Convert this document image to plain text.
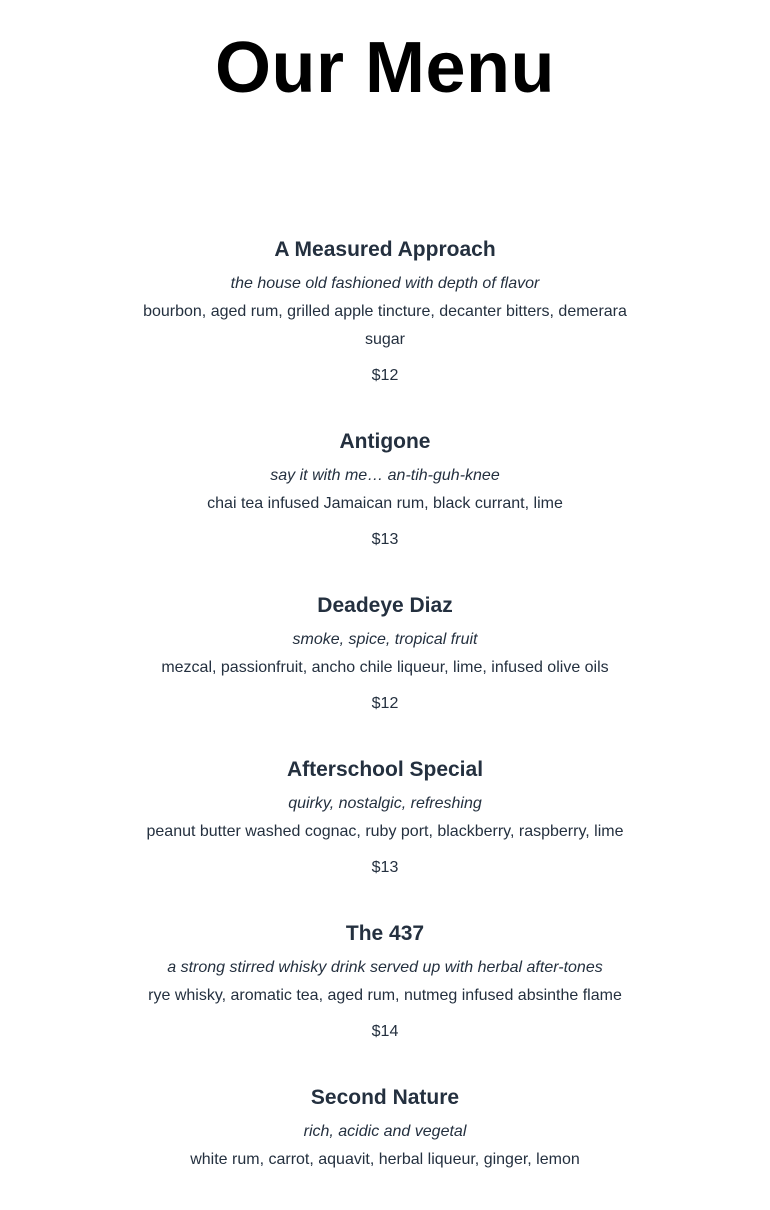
Our Menu
A Measured Approach

the house old fashioned with depth of flavor

bourbon, aged rum, grilled apple tincture, decanter bitters, demerara sugar

$12

Antigone

say it with me… an-tih-guh-knee

chai tea infused Jamaican rum, black currant, lime

$13

Deadeye Diaz

smoke, spice, tropical fruit

mezcal, passionfruit, ancho chile liqueur, lime, infused olive oils

$12

Afterschool Special

quirky, nostalgic, refreshing

peanut butter washed cognac, ruby port, blackberry, raspberry, lime

$13

The 437

a strong stirred whisky drink served up with herbal after-tones

rye whisky, aromatic tea, aged rum, nutmeg infused absinthe flame

$14

Second Nature

rich, acidic and vegetal

white rum, carrot, aquavit, herbal liqueur, ginger, lemon
